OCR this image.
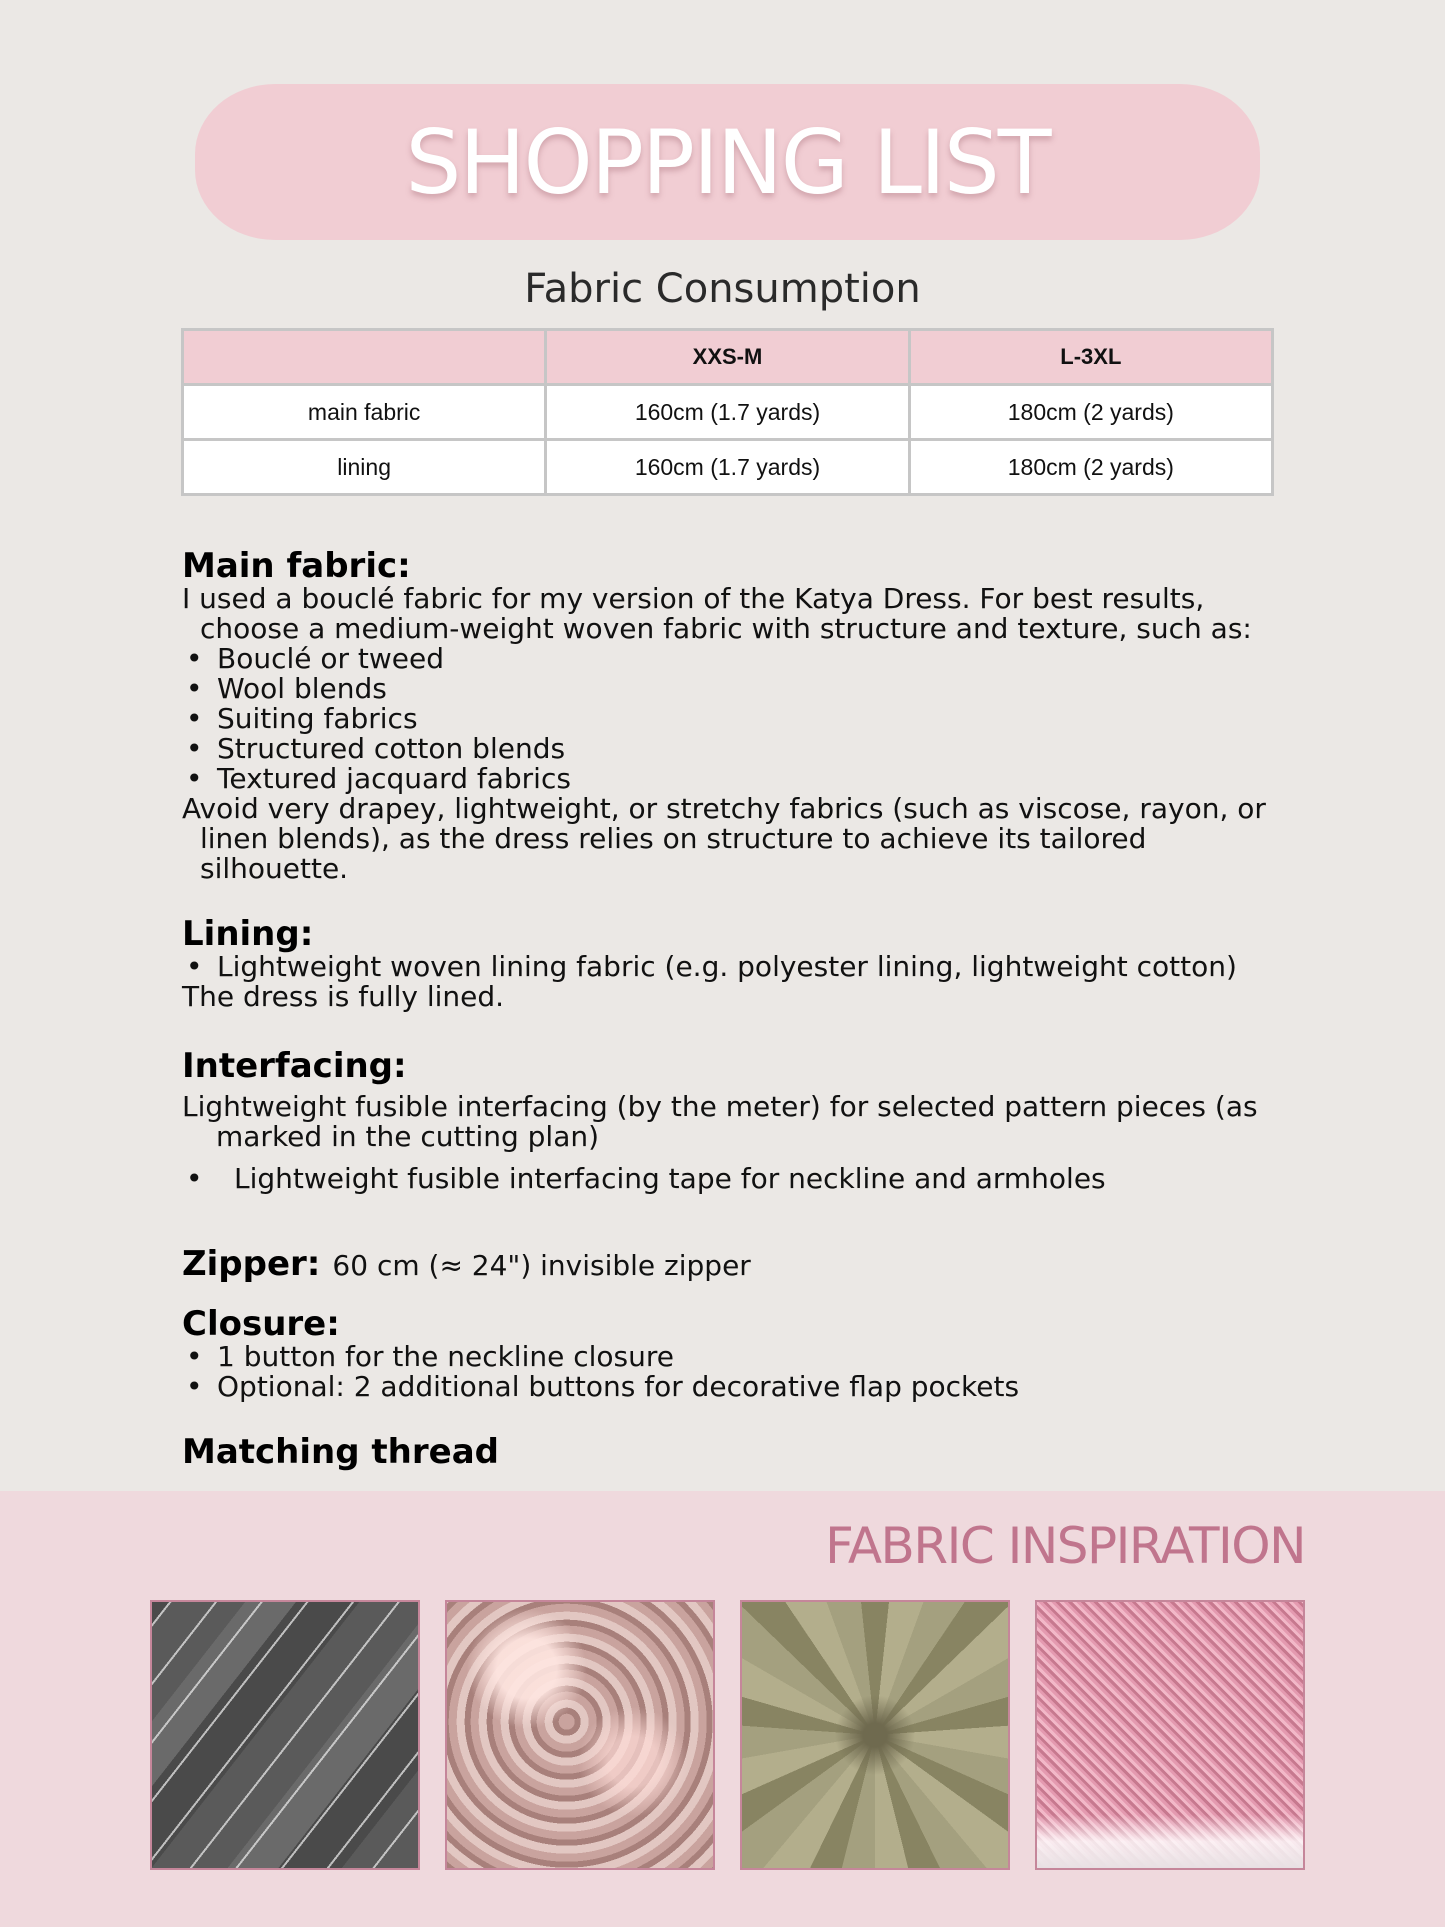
SHOPPING LIST
Fabric Consumption
	XXS-M	L-3XL
main fabric	160cm (1.7 yards)	180cm (2 yards)
lining	160cm (1.7 yards)	180cm (2 yards)
Main fabric:

I used a bouclé fabric for my version of the Katya Dress. For best results, choose a medium-weight woven fabric with structure and texture, such as:

• Bouclé or tweed
• Wool blends
• Suiting fabrics
• Structured cotton blends
• Textured jacquard fabrics

Avoid very drapey, lightweight, or stretchy fabrics (such as viscose, rayon, or linen blends), as the dress relies on structure to achieve its tailored silhouette.

Lining:
• Lightweight woven lining fabric (e.g. polyester lining, lightweight cotton)

The dress is fully lined.

Interfacing:

Lightweight fusible interfacing (by the meter) for selected pattern pieces (as marked in the cutting plan)

• Lightweight fusible interfacing tape for neckline and armholes
Zipper: 60 cm (≈ 24") invisible zipper
Closure:
• 1 button for the neckline closure
• Optional: 2 additional buttons for decorative flap pockets
Matching thread
FABRIC INSPIRATION
